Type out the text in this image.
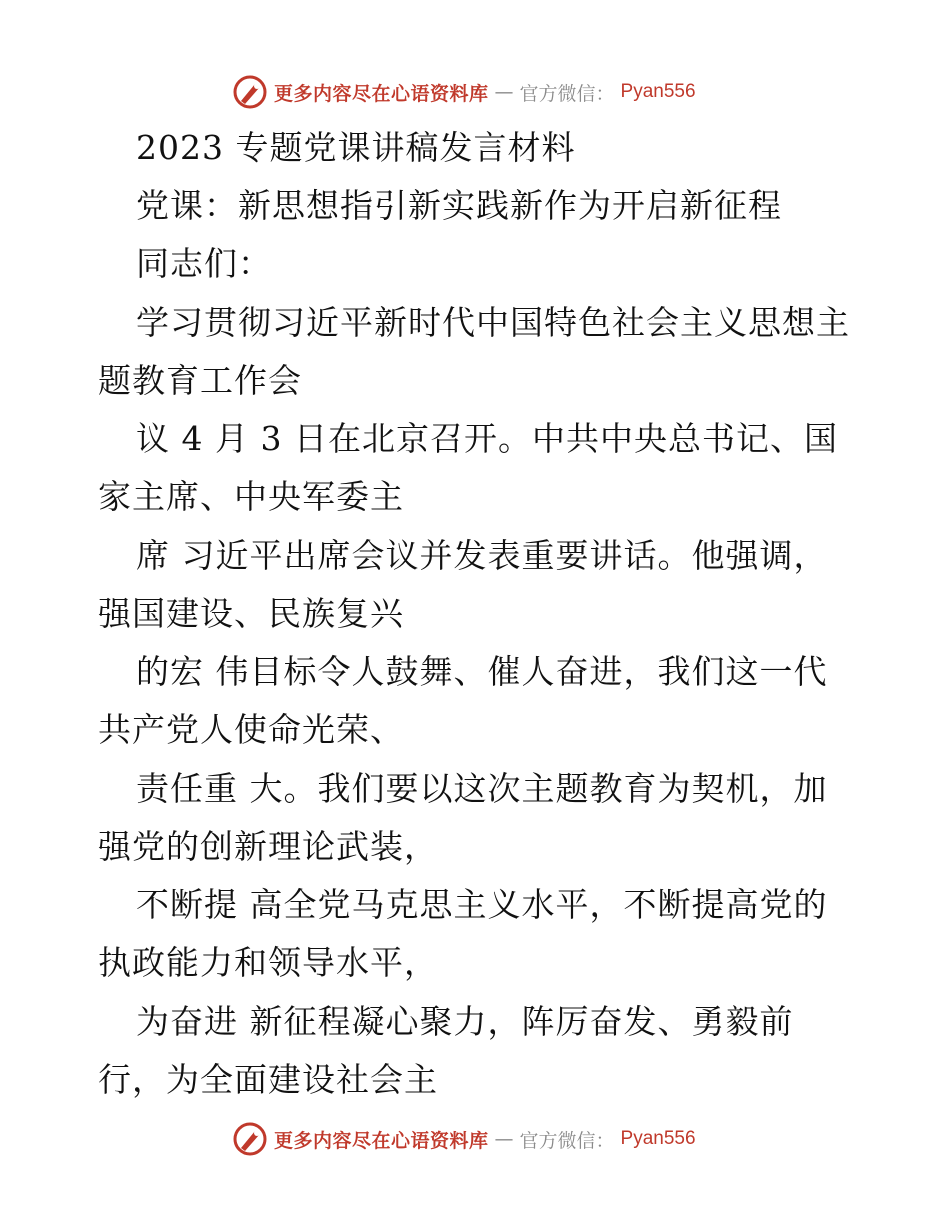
更多内容尽在心语资料库 — 官方微信： Pyan556

2023 专题党课讲稿发言材料

党课：新思想指引新实践新作为开启新征程

同志们：

学习贯彻习近平新时代中国特色社会主义思想主

题教育工作会

议 4 月 3 日在北京召开。中共中央总书记、国

家主席、中央军委主

席 习近平出席会议并发表重要讲话。他强调，

强国建设、民族复兴

的宏 伟目标令人鼓舞、催人奋进，我们这一代

共产党人使命光荣、

责任重 大。我们要以这次主题教育为契机，加

强党的创新理论武装，

不断提 高全党马克思主义水平，不断提高党的

执政能力和领导水平，

为奋进 新征程凝心聚力，阵厉奋发、勇毅前

行，为全面建设社会主

更多内容尽在心语资料库 — 官方微信： Pyan556
